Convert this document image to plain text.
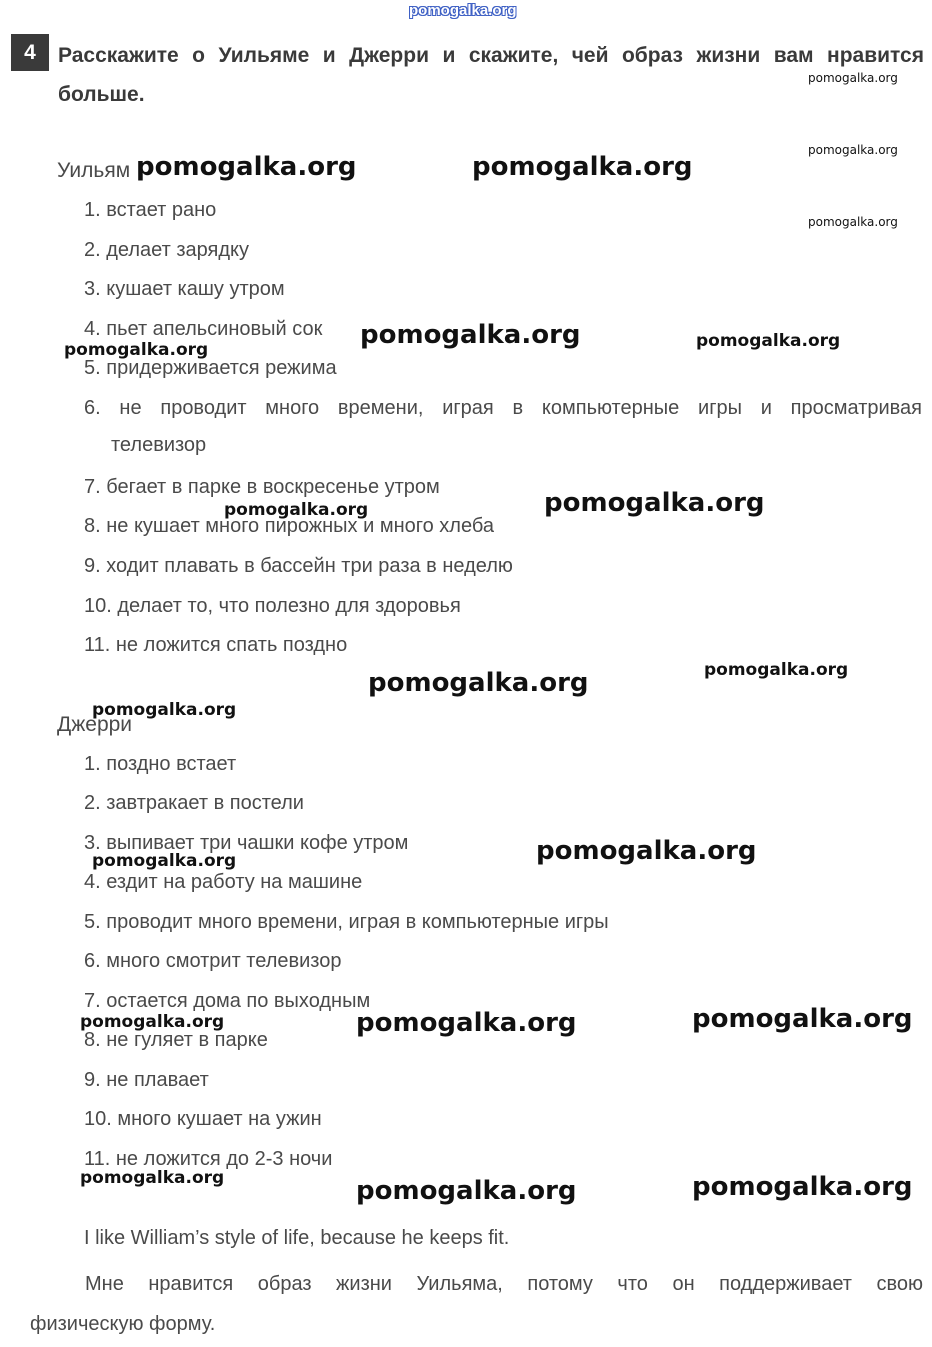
pomogalka.org
4	Расскажите о Уильяме и Джерри и скажите, чей образ жизни вам нравится
больше.
Уильям
1. встает рано
2. делает зарядку
3. кушает кашу утром
4. пьет апельсиновый сок
5. придерживается режима
6. не проводит много времени, играя в компьютерные игры и просматривая
телевизор
7. бегает в парке в воскресенье утром
8. не кушает много пирожных и много хлеба
9. ходит плавать в бассейн три раза в неделю
10. делает то, что полезно для здоровья
11. не ложится спать поздно
Джерри
1. поздно встает
2. завтракает в постели
3. выпивает три чашки кофе утром
4. ездит на работу на машине
5. проводит много времени, играя в компьютерные игры
6. много смотрит телевизор
7. остается дома по выходным
8. не гуляет в парке
9. не плавает
10. много кушает на ужин
11. не ложится до 2-3 ночи
I like William’s style of life, because he keeps fit.
Мне нравится образ жизни Уильяма, потому что он поддерживает свою
физическую форму.
pomogalka.org
pomogalka.org
pomogalka.org
pomogalka.org	pomogalka.org
pomogalka.org	pomogalka.org
pomogalka.org
pomogalka.org	pomogalka.org
pomogalka.org
pomogalka.org
pomogalka.org
pomogalka.org
pomogalka.org
pomogalka.org	pomogalka.org	pomogalka.org
pomogalka.org	pomogalka.org	pomogalka.org
